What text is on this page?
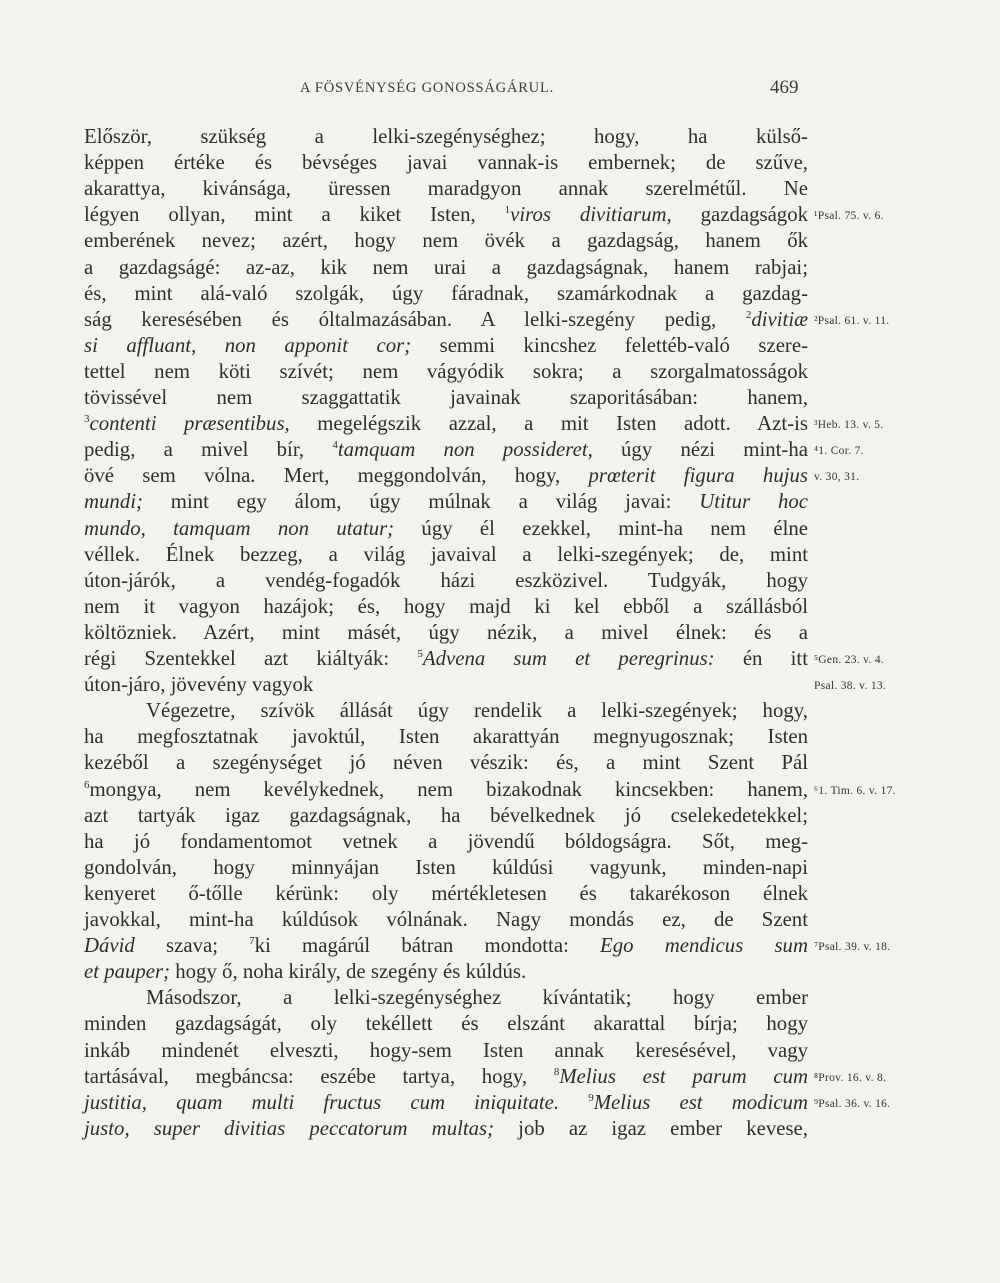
A FÖSVÉNYSÉG GONOSSÁGÁRUL.	469
Először, szükség a lelki-szegénységhez; hogy, ha külső-
képpen értéke és bévséges javai vannak-is embernek; de szűve,
akarattya, kivánsága, üressen maradgyon annak szerelmétűl. Ne
légyen ollyan, mint a kiket Isten, $^1$viros divitiarum, gazdagságok
emberének nevez; azért, hogy nem övék a gazdagság, hanem ők
a gazdagságé: az-az, kik nem urai a gazdagságnak, hanem rabjai;
és, mint alá-való szolgák, úgy fáradnak, szamárkodnak a gazdag-
ság keresésében és óltalmazásában. A lelki-szegény pedig, $^2$divitiæ
si affluant, non apponit cor; semmi kincshez felettéb-való szere-
tettel nem köti szívét; nem vágyódik sokra; a szorgalmatosságok
tövissével nem szaggattatik javainak szaporitásában: hanem,
$^3$contenti præsentibus, megelégszik azzal, a mit Isten adott. Azt-is
pedig, a mivel bír, $^4$tamquam non possideret, úgy nézi mint-ha
övé sem vólna. Mert, meggondolván, hogy, prœterit figura hujus
mundi; mint egy álom, úgy múlnak a világ javai: Utitur hoc
mundo, tamquam non utatur; úgy él ezekkel, mint-ha nem élne
véllek. Élnek bezzeg, a világ javaival a lelki-szegények; de, mint
úton-járók, a vendég-fogadók házi eszközivel. Tudgyák, hogy
nem it vagyon hazájok; és, hogy majd ki kel ebből a szállásból
költözniek. Azért, mint másét, úgy nézik, a mivel élnek: és a
régi Szentekkel azt kiáltyák: $^5$Advena sum et peregrinus: én itt
úton-járo, jövevény vagyok
Végezetre, szívök állását úgy rendelik a lelki-szegények; hogy,
ha megfosztatnak javoktúl, Isten akarattyán megnyugosznak; Isten
kezéből a szegénységet jó néven vészik: és, a mint Szent Pál
$^6$mongya, nem kevélykednek, nem bizakodnak kincsekben: hanem,
azt tartyák igaz gazdagságnak, ha bévelkednek jó cselekedetekkel;
ha jó fondamentomot vetnek a jövendű bóldogságra. Sőt, meg-
gondolván, hogy minnyájan Isten kúldúsi vagyunk, minden-napi
kenyeret ő-tőlle kérünk: oly mértékletesen és takarékoson élnek
javokkal, mint-ha kúldúsok vólnának. Nagy mondás ez, de Szent
Dávid szava; $^7$ki magárúl bátran mondotta: Ego mendicus sum
et pauper; hogy ő, noha király, de szegény és kúldús.
Másodszor, a lelki-szegénységhez kívántatik; hogy ember
minden gazdagságát, oly tekéllett és elszánt akarattal bírja; hogy
inkáb mindenét elveszti, hogy-sem Isten annak keresésével, vagy
tartásával, megbáncsa: eszébe tartya, hogy, $^8$Melius est parum cum
justitia, quam multi fructus cum iniquitate.	$^9$Melius est modicum
justo, super divitias peccatorum multas; job az igaz ember kevese,
¹Psal. 75. v. 6.
²Psal. 61. v. 11.
³Heb. 13. v. 5.
⁴1. Cor. 7.
v. 30, 31.
⁵Gen. 23. v. 4.
Psal. 38. v. 13.
⁶1. Tim. 6. v. 17.
⁷Psal. 39. v. 18.
⁸Prov. 16. v. 8.
⁹Psal. 36. v. 16.
